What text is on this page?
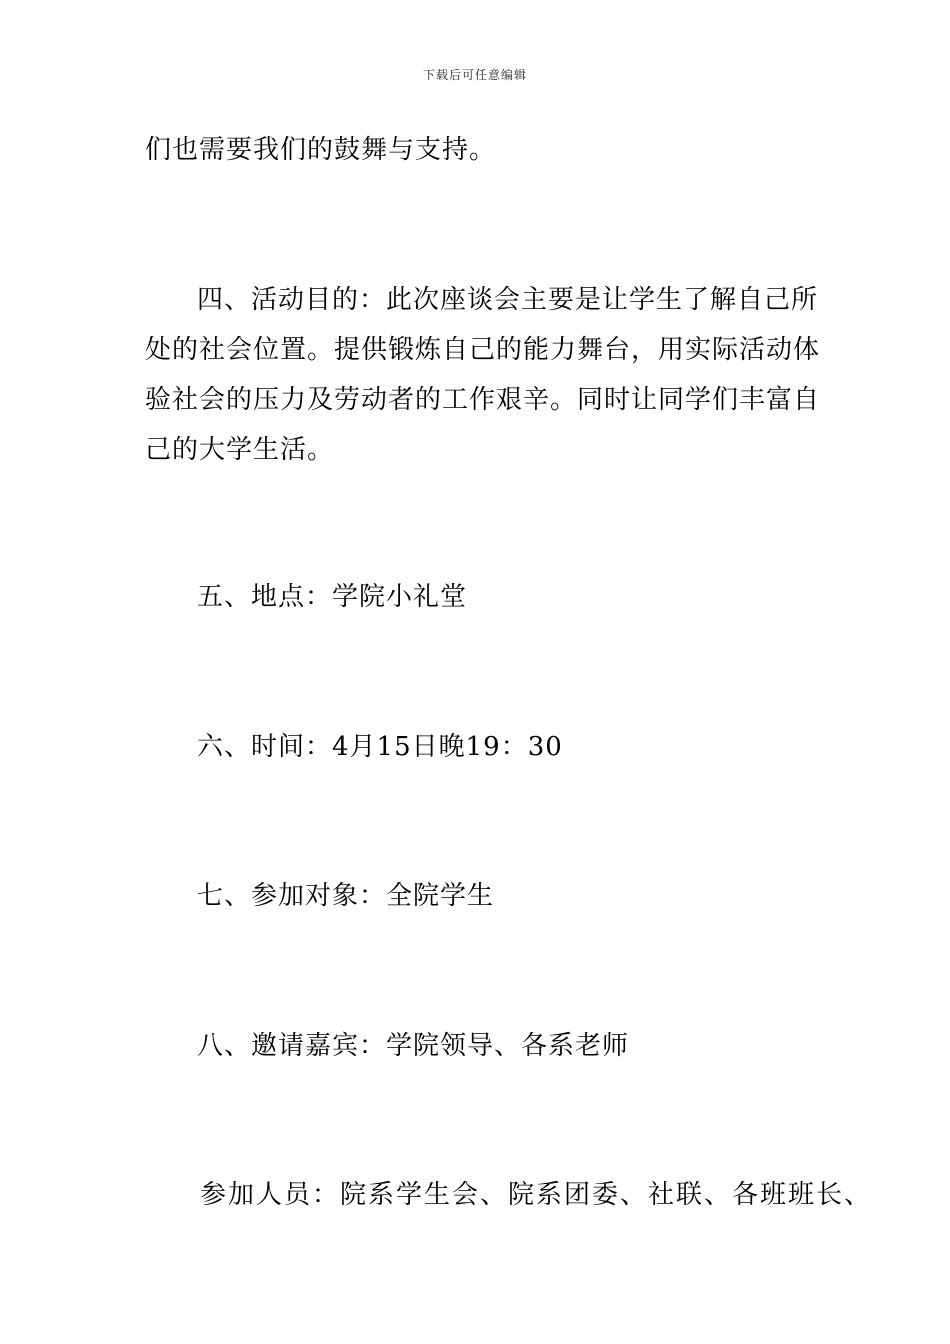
下载后可任意编辑
们也需要我们的鼓舞与支持。
四、活动目的：此次座谈会主要是让学生了解自己所
处的社会位置。提供锻炼自己的能力舞台，用实际活动体
验社会的压力及劳动者的工作艰辛。同时让同学们丰富自
己的大学生活。
五、地点：学院小礼堂
六、时间：4月15日晚19：30
七、参加对象：全院学生
八、邀请嘉宾：学院领导、各系老师
参加人员：院系学生会、院系团委、社联、各班班长、
